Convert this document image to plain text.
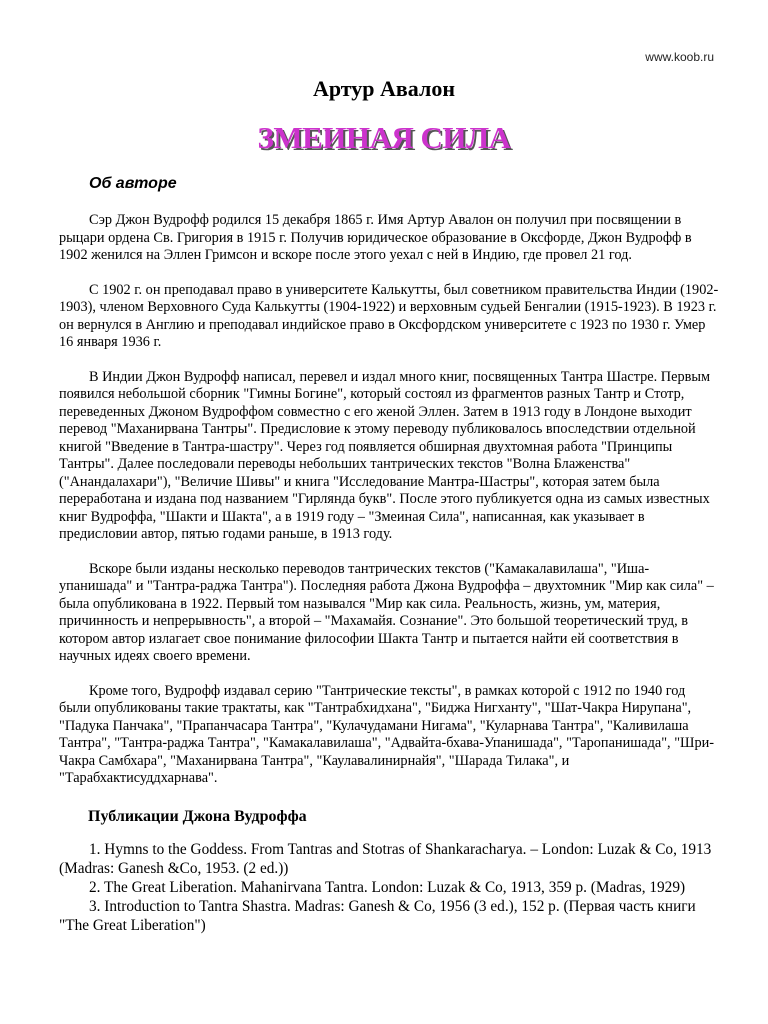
www.koob.ru
Артур Авалон
ЗМЕИНАЯ СИЛА
Об авторе

Сэр Джон Вудрофф родился 15 декабря 1865 г. Имя Артур Авалон он получил при посвящении в рыцари ордена Св. Григория в 1915 г. Получив юридическое образование в Оксфорде, Джон Вудрофф в 1902 женился на Эллен Гримсон и вскоре после этого уехал с ней в Индию, где провел 21 год.

С 1902 г. он преподавал право в университете Калькутты, был советником правительства Индии (1902-1903), членом Верховного Суда Калькутты (1904-1922) и верховным судьей Бенгалии (1915-1923). В 1923 г. он вернулся в Англию и преподавал индийское право в Оксфордском университете с 1923 по 1930 г. Умер 16 января 1936 г.

В Индии Джон Вудрофф написал, перевел и издал много книг, посвященных Тантра Шастре. Первым появился небольшой сборник "Гимны Богине", который состоял из фрагментов разных Тантр и Стотр, переведенных Джоном Вудроффом совместно с его женой Эллен. Затем в 1913 году в Лондоне выходит перевод "Маханирвана Тантры". Предисловие к этому переводу публиковалось впоследствии отдельной книгой "Введение в Тантра-шастру". Через год появляется обширная двухтомная работа "Принципы Тантры". Далее последовали переводы небольших тантрических текстов "Волна Блаженства" ("Анандалахари"), "Величие Шивы" и книга "Исследование Мантра-Шастры", которая затем была переработана и издана под названием "Гирлянда букв". После этого публикуется одна из самых известных книг Вудроффа, "Шакти и Шакта", а в 1919 году – "Змеиная Сила", написанная, как указывает в предисловии автор, пятью годами раньше, в 1913 году.

Вскоре были изданы несколько переводов тантрических текстов ("Камакалавилаша", "Иша-упанишада" и "Тантра-раджа Тантра"). Последняя работа Джона Вудроффа – двухтомник "Мир как сила" – была опубликована в 1922. Первый том назывался "Мир как сила. Реальность, жизнь, ум, материя, причинность и непрерывность", а второй – "Махамайя. Сознание". Это большой теоретический труд, в котором автор излагает свое понимание философии Шакта Тантр и пытается найти ей соответствия в научных идеях своего времени.

Кроме того, Вудрофф издавал серию "Тантрические тексты", в рамках которой с 1912 по 1940 год были опубликованы такие трактаты, как "Тантрабхидхана", "Биджа Нигханту", "Шат-Чакра Нирупана", "Падука Панчака", "Прапанчасара Тантра", "Кулачудамани Нигама", "Куларнава Тантра", "Каливилаша Тантра", "Тантра-раджа Тантра", "Камакалавилаша", "Адвайта-бхава-Упанишада", "Таропанишада", "Шри-Чакра Самбхара", "Маханирвана Тантра", "Каулавалинирнайя", "Шарада Тилака", и "Тарабхактисуддхарнава".

Публикации Джона Вудроффа

1. Hymns to the Goddess. From Tantras and Stotras of Shankaracharya. – London: Luzak & Co, 1913 (Madras: Ganesh &Co, 1953. (2 ed.))

2. The Great Liberation. Mahanirvana Tantra. London: Luzak & Co, 1913, 359 p. (Madras, 1929)

3. Introduction to Tantra Shastra. Madras: Ganesh & Co, 1956 (3 ed.), 152 p. (Первая часть книги "The Great Liberation")
